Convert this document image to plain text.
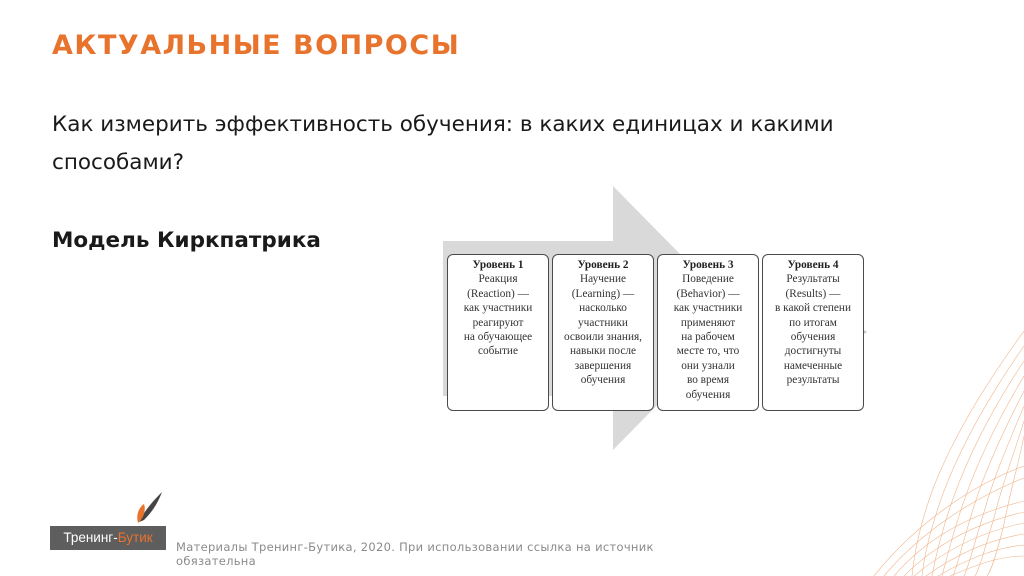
АКТУАЛЬНЫЕ ВОПРОСЫ
Как измерить эффективность обучения: в каких единицах и какими способами?
Модель Киркпатрика
Уровень 1
Реакция
(Reaction) —
как участники
реагируют
на обучающее
событие
Уровень 2
Научение
(Learning) —
насколько
участники
освоили знания,
навыки после
завершения
обучения
Уровень 3
Поведение
(Behavior) —
как участники
применяют
на рабочем
месте то, что
они узнали
во время
обучения
Уровень 4
Результаты
(Results) —
в какой степени
по итогам
обучения
достигнуты
намеченные
результаты
Тренинг-Бутик
Материалы Тренинг-Бутика, 2020. При использовании ссылка на источник обязательна
